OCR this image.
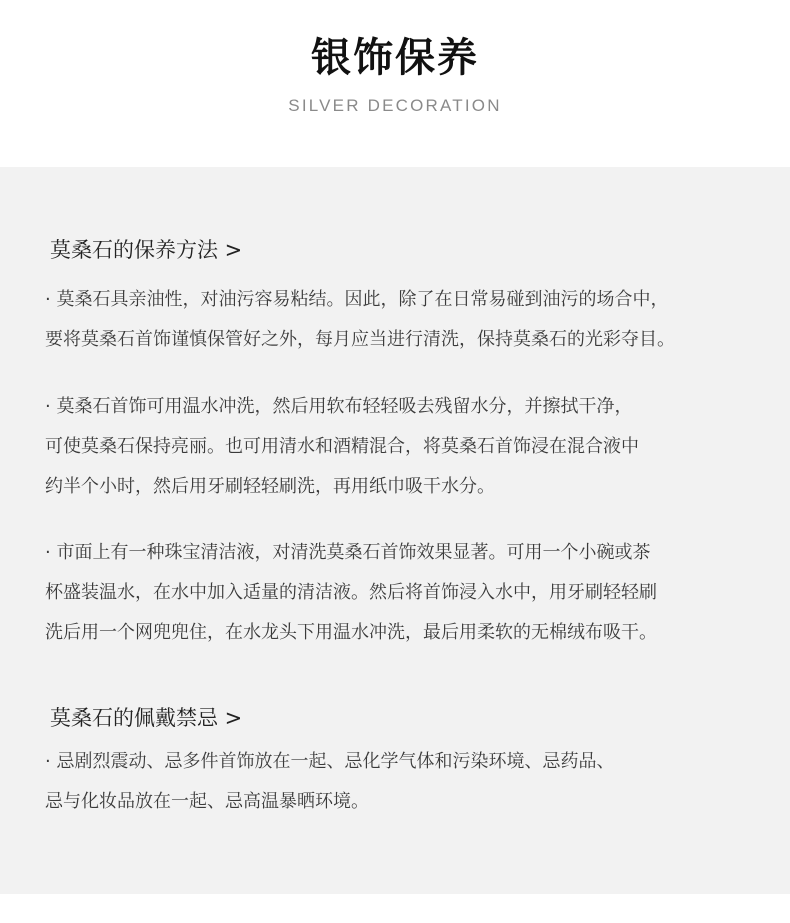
银饰保养
SILVER DECORATION
莫桑石的保养方法 >
· 莫桑石具亲油性，对油污容易粘结。因此，除了在日常易碰到油污的场合中，
要将莫桑石首饰谨慎保管好之外，每月应当进行清洗，保持莫桑石的光彩夺目。
· 莫桑石首饰可用温水冲洗，然后用软布轻轻吸去残留水分，并擦拭干净，
可使莫桑石保持亮丽。也可用清水和酒精混合，将莫桑石首饰浸在混合液中
约半个小时，然后用牙刷轻轻刷洗，再用纸巾吸干水分。
· 市面上有一种珠宝清洁液，对清洗莫桑石首饰效果显著。可用一个小碗或茶
杯盛装温水，在水中加入适量的清洁液。然后将首饰浸入水中，用牙刷轻轻刷
洗后用一个网兜兜住，在水龙头下用温水冲洗，最后用柔软的无棉绒布吸干。
莫桑石的佩戴禁忌 >
· 忌剧烈震动、忌多件首饰放在一起、忌化学气体和污染环境、忌药品、
忌与化妆品放在一起、忌高温暴晒环境。
